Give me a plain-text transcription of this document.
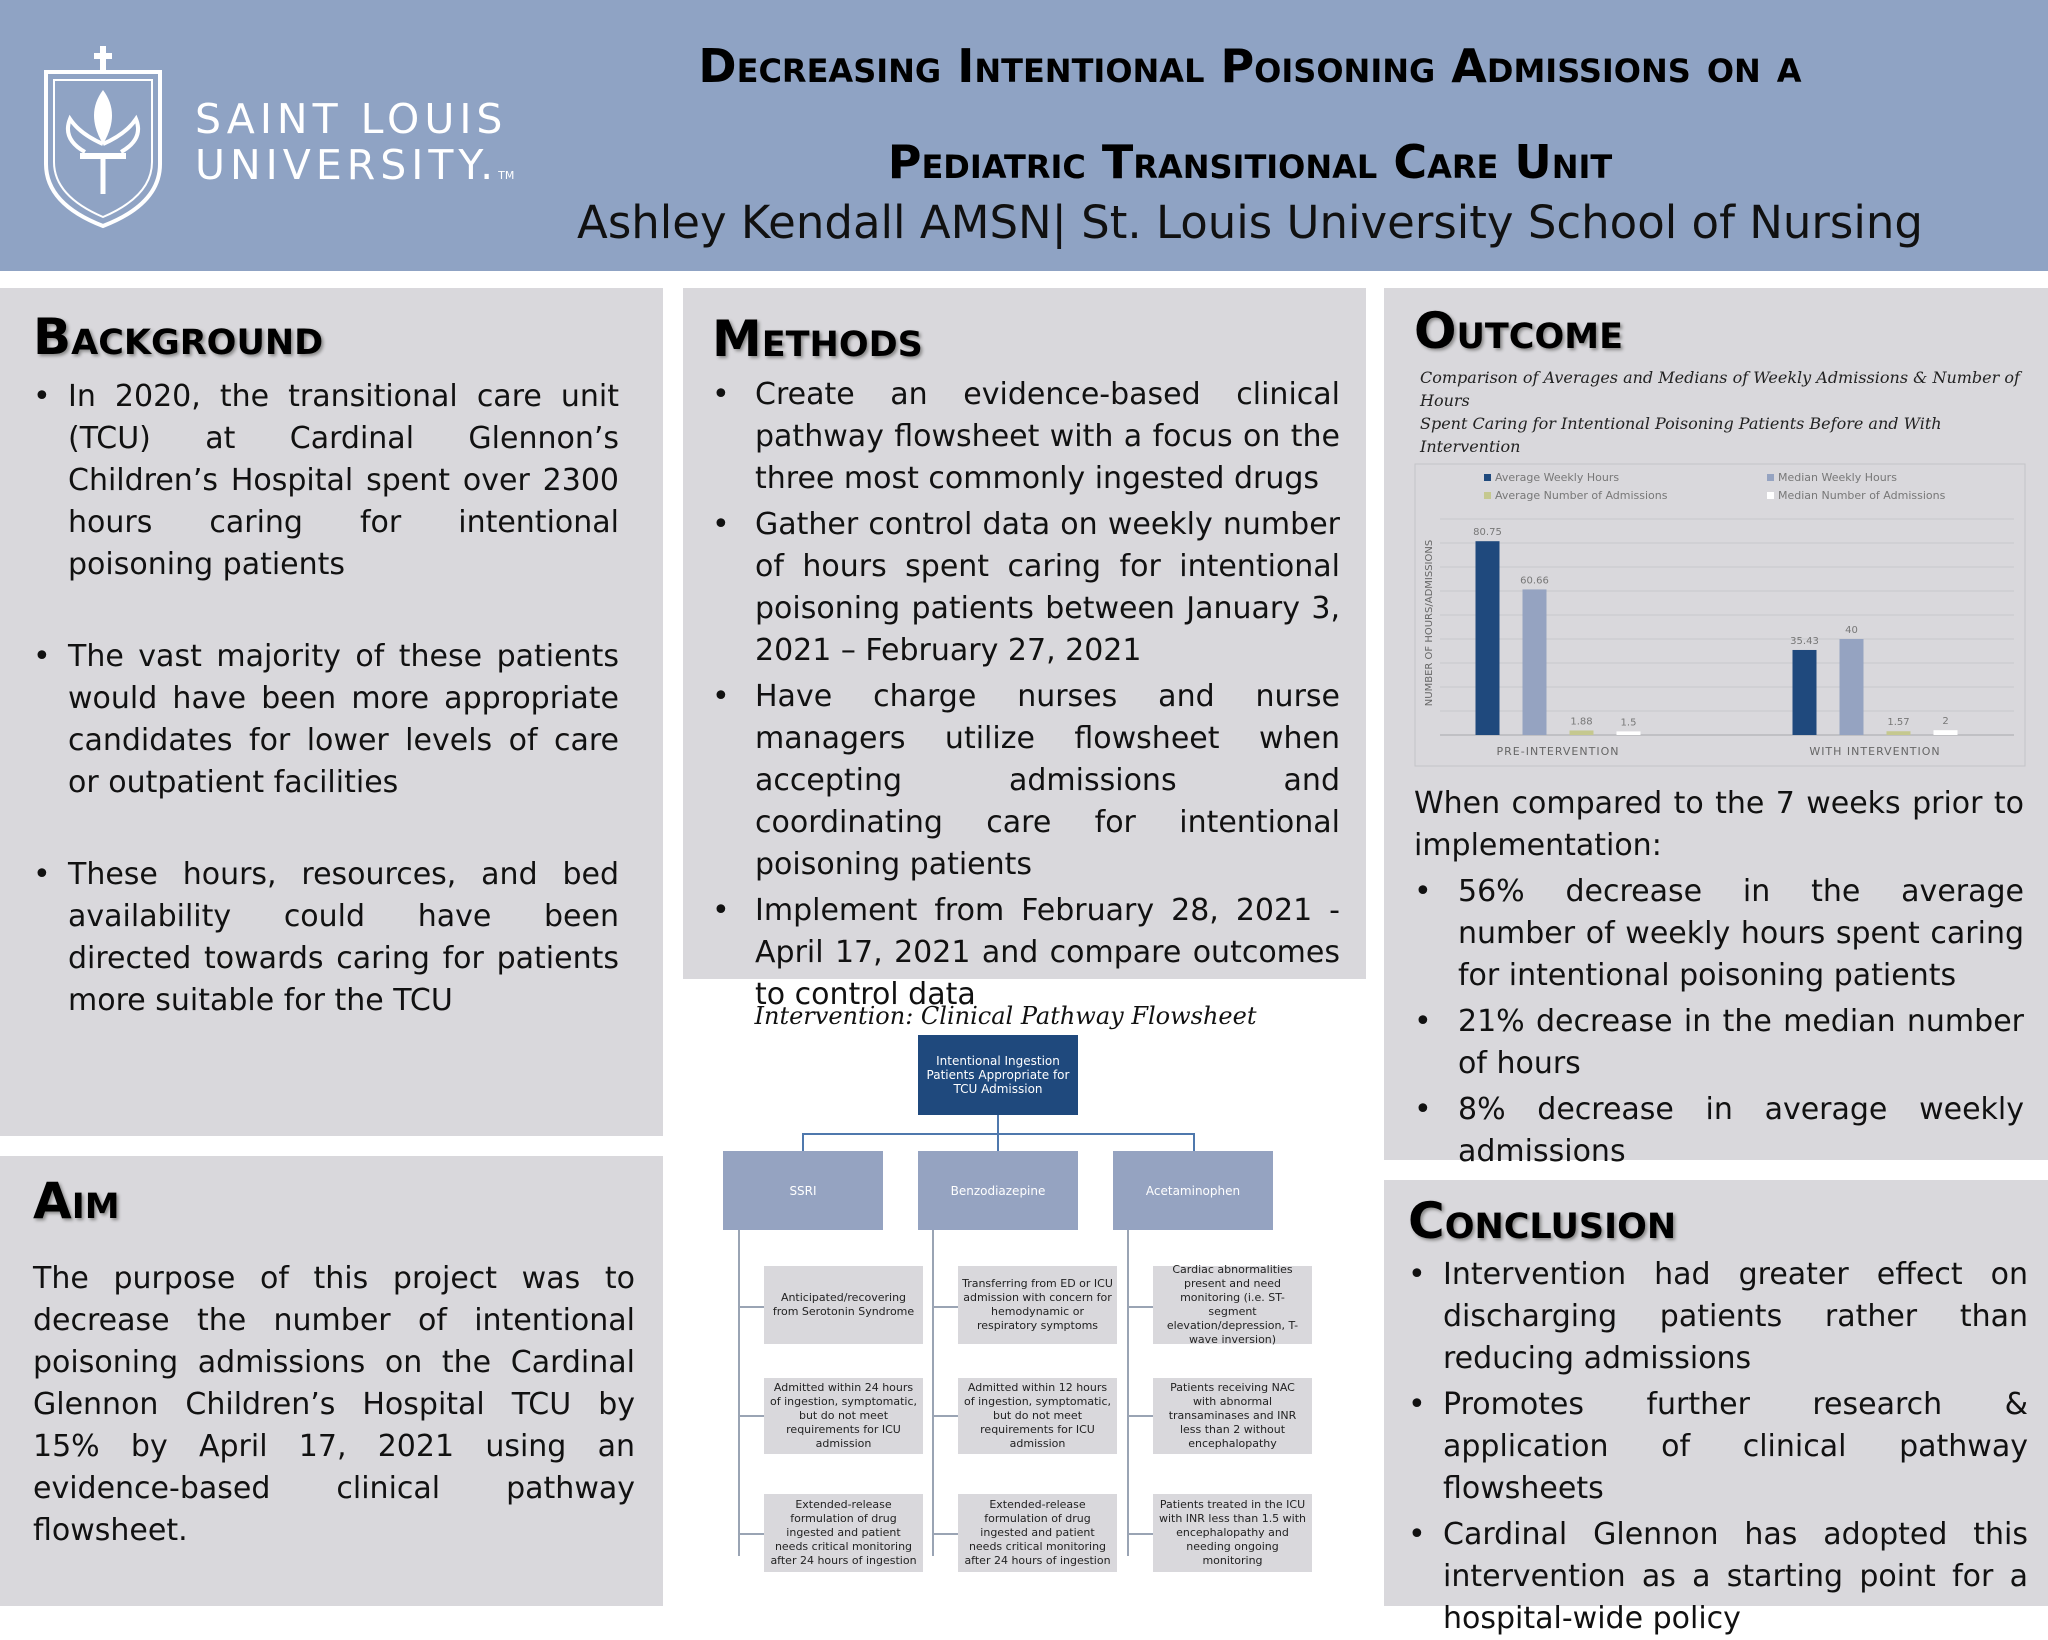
SAINT LOUIS
UNIVERSITY.TM
Decreasing Intentional Poisoning Admissions on a
Pediatric Transitional Care Unit
Ashley Kendall AMSN| St. Louis University School of Nursing
Background
• In 2020, the transitional care unit (TCU) at Cardinal Glennon’s Children’s Hospital spent over 2300 hours caring for intentional poisoning patients
• The vast majority of these patients would have been more appropriate candidates for lower levels of care or outpatient facilities
• These hours, resources, and bed availability could have been directed towards caring for patients more suitable for the TCU
Aim

The purpose of this project was to decrease the number of intentional poisoning admissions on the Cardinal Glennon Children’s Hospital TCU by 15% by April 17, 2021 using an evidence-based clinical pathway flowsheet.

Methods
• Create an evidence-based clinical pathway flowsheet with a focus on the three most commonly ingested drugs
• Gather control data on weekly number of hours spent caring for intentional poisoning patients between January 3, 2021 – February 27, 2021
• Have charge nurses and nurse managers utilize flowsheet when accepting admissions and coordinating care for intentional poisoning patients
• Implement from February 28, 2021 - April 17, 2021 and compare outcomes to control data
Intervention: Clinical Pathway Flowsheet
Intentional Ingestion Patients Appropriate for TCU Admission
SSRI	Benzodiazepine	Acetaminophen
Anticipated/recovering from Serotonin Syndrome
Admitted within 24 hours of ingestion, symptomatic, but do not meet requirements for ICU admission
Extended-release formulation of drug ingested and patient needs critical monitoring after 24 hours of ingestion
Transferring from ED or ICU admission with concern for hemodynamic or respiratory symptoms
Admitted within 12 hours of ingestion, symptomatic, but do not meet requirements for ICU admission
Extended-release formulation of drug ingested and patient needs critical monitoring after 24 hours of ingestion
Cardiac abnormalities present and need monitoring (i.e. ST-segment elevation/depression, T-wave inversion)
Patients receiving NAC with abnormal transaminases and INR less than 2 without encephalopathy
Patients treated in the ICU with INR less than 1.5 with encephalopathy and needing ongoing monitoring
Outcome
Comparison of Averages and Medians of Weekly Admissions & Number of Hours
Spent Caring for Intentional Poisoning Patients Before and With Intervention
Average Weekly Hours	Median Weekly Hours
Average Number of Admissions	Median Number of Admissions
80.75
60.66
1.88	1.5
35.43
40
1.57	2
PRE-INTERVENTION	WITH INTERVENTION
NUMBER OF HOURS/ADMISSIONS

When compared to the 7 weeks prior to implementation:

• 56% decrease in the average number of weekly hours spent caring for intentional poisoning patients
• 21% decrease in the median number of hours
• 8% decrease in average weekly admissions
Conclusion
• Intervention had greater effect on discharging patients rather than reducing admissions
• Promotes further research & application of clinical pathway flowsheets
• Cardinal Glennon has adopted this intervention as a starting point for a hospital-wide policy
